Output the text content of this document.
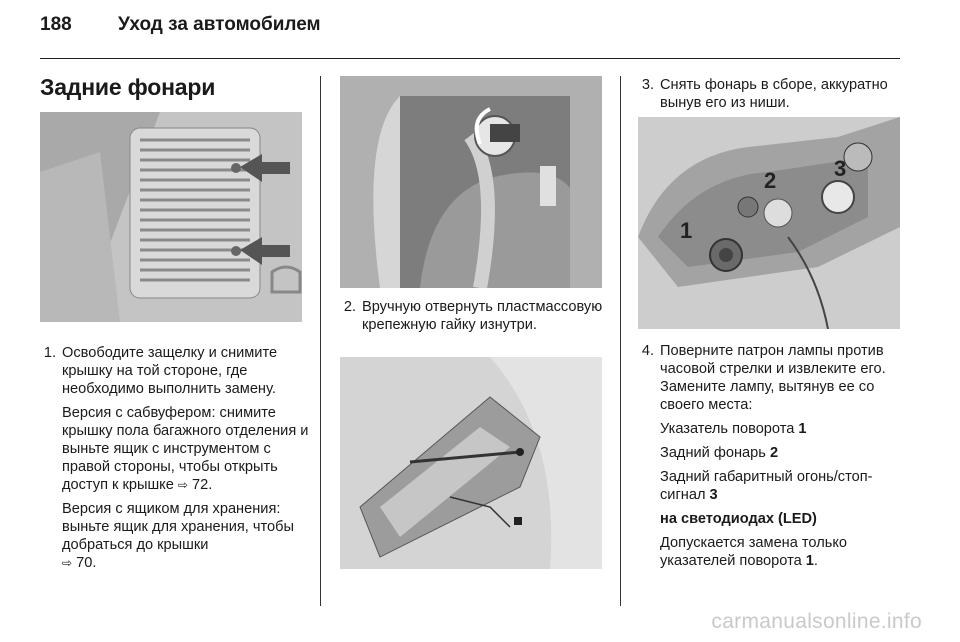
188	Уход за автомобилем
Задние фонари
1
2	3
1. Освободите защелку и снимите крышку на той стороне, где необходимо выполнить замену.

Версия с сабвуфером: снимите крышку пола багажного отделения и выньте ящик с инструментом с правой стороны, чтобы открыть доступ к крышке ⇨ 72.

Версия с ящиком для хранения: выньте ящик для хранения, чтобы добраться до крышки
⇨ 70.

2. Вручную отвернуть пластмассовую крепежную гайку изнутри.

3. Снять фонарь в сборе, аккуратно вынув его из ниши.

4. Поверните патрон лампы против часовой стрелки и извлеките его. Замените лампу, вытянув ее со своего места:

Указатель поворота 1

Задний фонарь 2

Задний габаритный огонь/стоп-сигнал 3

на светодиодах (LED)

Допускается замена только указателей поворота 1.

carmanualsonline.info
